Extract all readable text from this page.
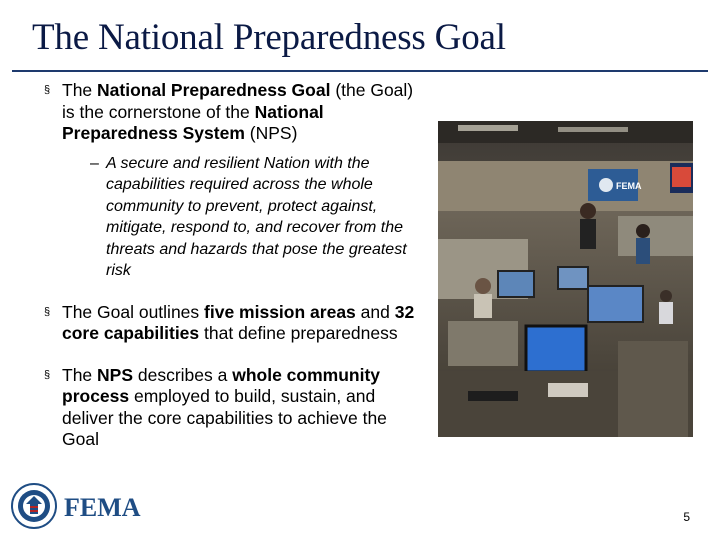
The National Preparedness Goal
§ The National Preparedness Goal (the Goal) is the cornerstone of the National Preparedness System (NPS)
– A secure and resilient Nation with the capabilities required across the whole community to prevent, protect against, mitigate, respond to, and recover from the threats and hazards that pose the greatest risk
§ The Goal outlines five mission areas and 32 core capabilities that define preparedness
§ The NPS describes a whole community process employed to build, sustain, and deliver the core capabilities to achieve the Goal
FEMA
FEMA	5
